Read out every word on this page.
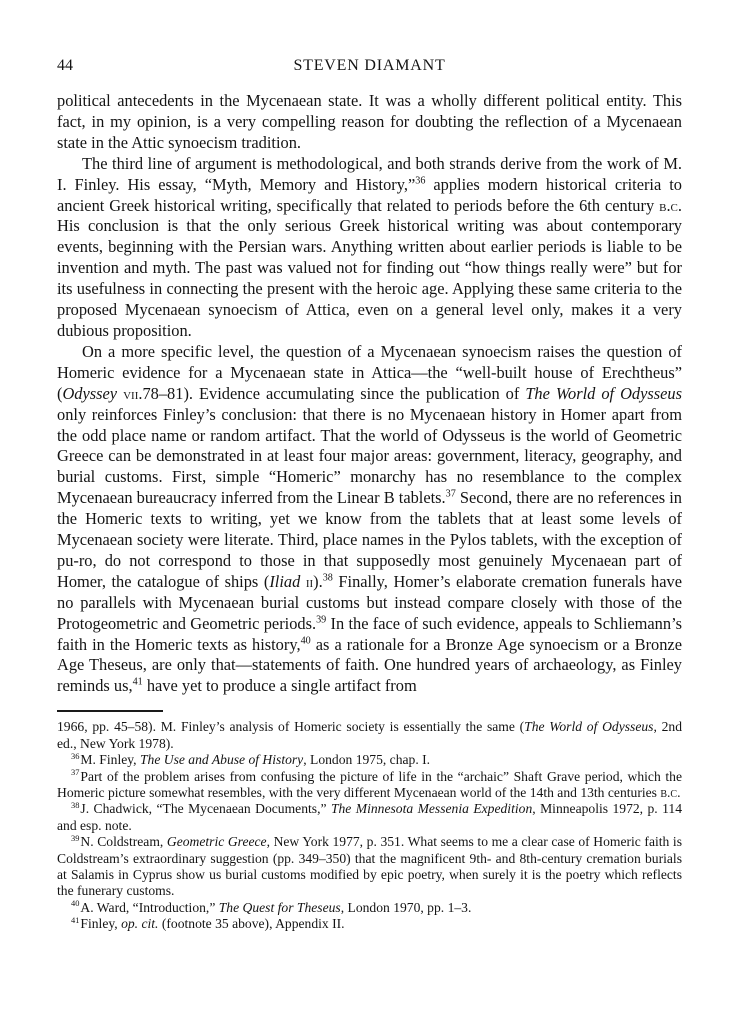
44	STEVEN DIAMANT

political antecedents in the Mycenaean state. It was a wholly different political entity. This fact, in my opinion, is a very compelling reason for doubting the reflection of a Mycenaean state in the Attic synoecism tradition.

The third line of argument is methodological, and both strands derive from the work of M. I. Finley. His essay, “Myth, Memory and History,”$^{36}$ applies modern historical criteria to ancient Greek historical writing, specifically that related to periods before the 6th century b.c. His conclusion is that the only serious Greek historical writing was about contemporary events, beginning with the Persian wars. Anything written about earlier periods is liable to be invention and myth. The past was valued not for finding out “how things really were” but for its usefulness in connecting the present with the heroic age. Applying these same criteria to the proposed Mycenaean synoecism of Attica, even on a general level only, makes it a very dubious proposition.

On a more specific level, the question of a Mycenaean synoecism raises the question of Homeric evidence for a Mycenaean state in Attica—the “well-built house of Erechtheus” (Odyssey vii.78–81). Evidence accumulating since the publication of The World of Odysseus only reinforces Finley’s conclusion: that there is no Mycenaean history in Homer apart from the odd place name or random artifact. That the world of Odysseus is the world of Geometric Greece can be demonstrated in at least four major areas: government, literacy, geography, and burial customs. First, simple “Homeric” monarchy has no resemblance to the complex Mycenaean bureaucracy inferred from the Linear B tablets.$^{37}$ Second, there are no references in the Homeric texts to writing, yet we know from the tablets that at least some levels of Mycenaean society were literate. Third, place names in the Pylos tablets, with the exception of pu-ro, do not correspond to those in that supposedly most genuinely Mycenaean part of Homer, the catalogue of ships (Iliad ii).$^{38}$ Finally, Homer’s elaborate cremation funerals have no parallels with Mycenaean burial customs but instead compare closely with those of the Protogeometric and Geometric periods.$^{39}$ In the face of such evidence, appeals to Schliemann’s faith in the Homeric texts as history,$^{40}$ as a rationale for a Bronze Age synoecism or a Bronze Age Theseus, are only that—statements of faith. One hundred years of archaeology, as Finley reminds us,$^{41}$ have yet to produce a single artifact from

1966, pp. 45–58). M. Finley’s analysis of Homeric society is essentially the same (The World of Odysseus, 2nd ed., New York 1978).

$^{36}$M. Finley, The Use and Abuse of History, London 1975, chap. I.

$^{37}$Part of the problem arises from confusing the picture of life in the “archaic” Shaft Grave period, which the Homeric picture somewhat resembles, with the very different Mycenaean world of the 14th and 13th centuries b.c.

$^{38}$J. Chadwick, “The Mycenaean Documents,” The Minnesota Messenia Expedition, Minneapolis 1972, p. 114 and esp. note.

$^{39}$N. Coldstream, Geometric Greece, New York 1977, p. 351. What seems to me a clear case of Homeric faith is Coldstream’s extraordinary suggestion (pp. 349–350) that the magnificent 9th- and 8th-century cremation burials at Salamis in Cyprus show us burial customs modified by epic poetry, when surely it is the poetry which reflects the funerary customs.

$^{40}$A. Ward, “Introduction,” The Quest for Theseus, London 1970, pp. 1–3.

$^{41}$Finley, op. cit. (footnote 35 above), Appendix II.
